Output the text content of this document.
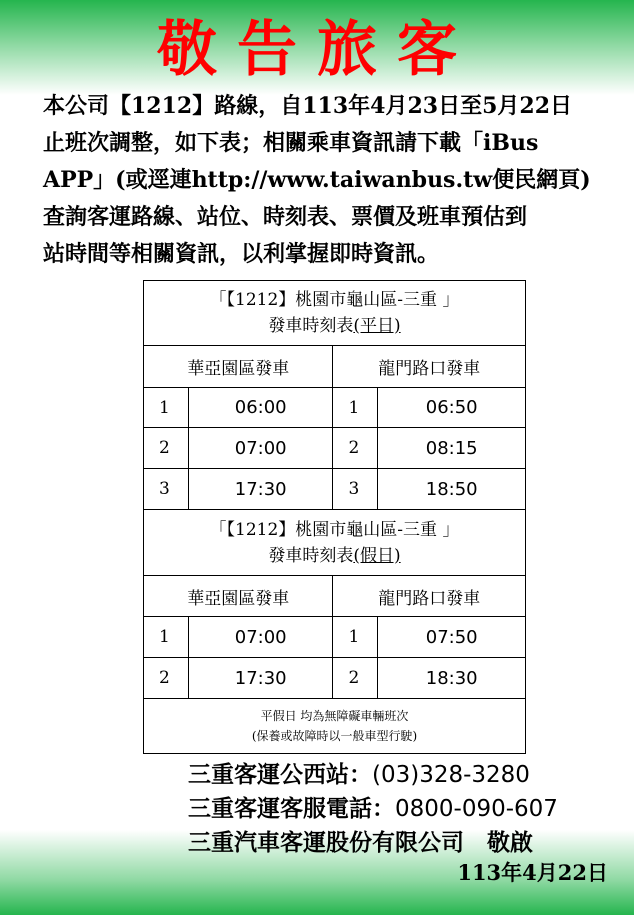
敬告旅客
本公司【1212】路線，自113年4月23日至5月22日
止班次調整，如下表；相關乘車資訊請下載「iBus
APP」(或逕連http://www.taiwanbus.tw便民網頁)
查詢客運路線、站位、時刻表、票價及班車預估到
站時間等相關資訊，以利掌握即時資訊。
「【1212】桃園市龜山區-三重 」
發車時刻表(平日)			

華亞園區發車		龍門路口發車	
1	06:00	1	06:50
2	07:00	2	08:15
3	17:30	3	18:50

「【1212】桃園市龜山區-三重 」
發車時刻表(假日)			

華亞園區發車		龍門路口發車	
1	07:00	1	07:50
2	17:30	2	18:30

平假日 均為無障礙車輛班次
(保養或故障時以一般車型行駛)			
三重客運公西站：(03)328-3280
三重客運客服電話：0800-090-607
三重汽車客運股份有限公司　敬啟
113年4月22日
